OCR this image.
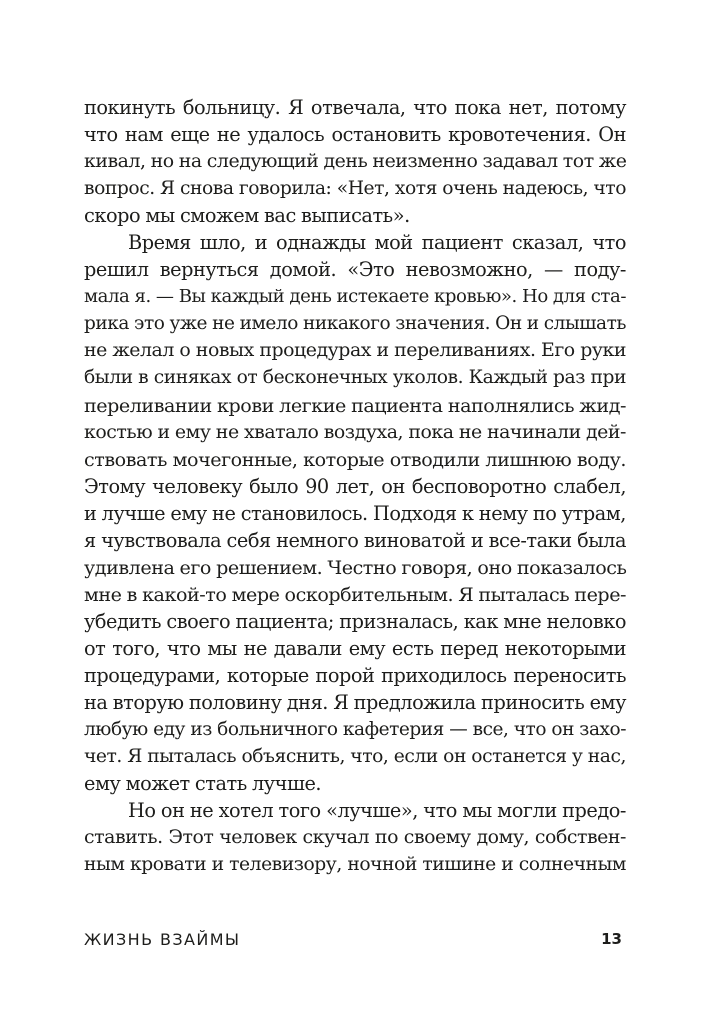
покинуть больницу. Я отвечала, что пока нет, потому
что нам еще не удалось остановить кровотечения. Он
кивал, но на следующий день неизменно задавал тот же
вопрос. Я снова говорила: «Нет, хотя очень надеюсь, что
скоро мы сможем вас выписать».
Время шло, и однажды мой пациент сказал, что
решил вернуться домой. «Это невозможно, — поду-
мала я. — Вы каждый день истекаете кровью». Но для ста-
рика это уже не имело никакого значения. Он и слышать
не желал о новых процедурах и переливаниях. Его руки
были в синяках от бесконечных уколов. Каждый раз при
переливании крови легкие пациента наполнялись жид-
костью и ему не хватало воздуха, пока не начинали дей-
ствовать мочегонные, которые отводили лишнюю воду.
Этому человеку было 90 лет, он бесповоротно слабел,
и лучше ему не становилось. Подходя к нему по утрам,
я чувствовала себя немного виноватой и все-таки была
удивлена его решением. Честно говоря, оно показалось
мне в какой-то мере оскорбительным. Я пыталась пере-
убедить своего пациента; призналась, как мне неловко
от того, что мы не давали ему есть перед некоторыми
процедурами, которые порой приходилось переносить
на вторую половину дня. Я предложила приносить ему
любую еду из больничного кафетерия — все, что он захо-
чет. Я пыталась объяснить, что, если он останется у нас,
ему может стать лучше.
Но он не хотел того «лучше», что мы могли предо-
ставить. Этот человек скучал по своему дому, собствен-
ным кровати и телевизору, ночной тишине и солнечным
ЖИЗНЬ ВЗАЙМЫ	13
